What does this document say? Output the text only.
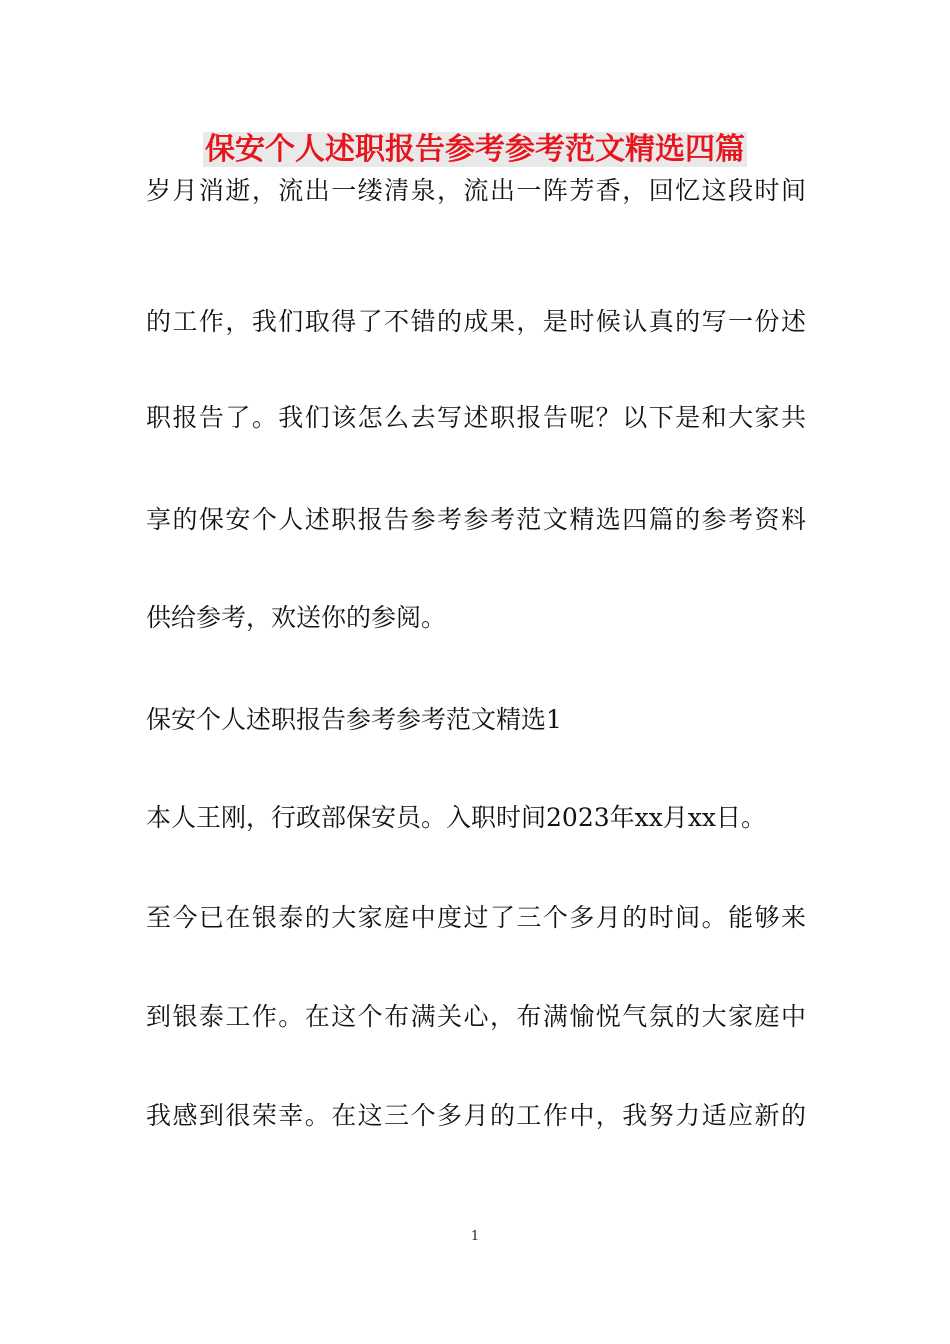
保安个人述职报告参考参考范文精选四篇
岁月消逝，流出一缕清泉，流出一阵芳香，回忆这段时间
的工作，我们取得了不错的成果，是时候认真的写一份述
职报告了。我们该怎么去写述职报告呢？以下是和大家共
享的保安个人述职报告参考参考范文精选四篇的参考资料
供给参考，欢送你的参阅。
保安个人述职报告参考参考范文精选1
本人王刚，行政部保安员。入职时间2023年xx月xx日。
至今已在银泰的大家庭中度过了三个多月的时间。能够来
到银泰工作。在这个布满关心，布满愉悦气氛的大家庭中
我感到很荣幸。在这三个多月的工作中，我努力适应新的
1
